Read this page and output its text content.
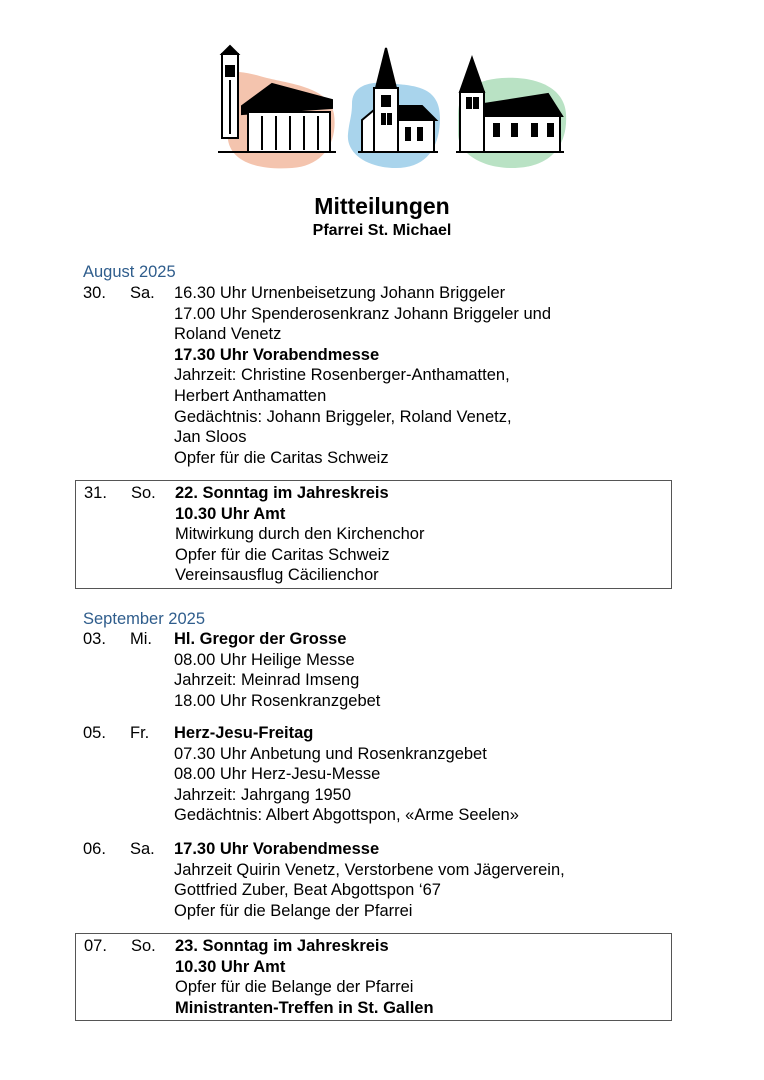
Mitteilungen
Pfarrei St. Michael
August 2025
30.	Sa.	16.30 Uhr Urnenbeisetzung Johann Briggeler
17.00 Uhr Spenderosenkranz Johann Briggeler und
Roland Venetz
17.30 Uhr Vorabendmesse
Jahrzeit: Christine Rosenberger-Anthamatten,
Herbert Anthamatten
Gedächtnis: Johann Briggeler, Roland Venetz,
Jan Sloos
Opfer für die Caritas Schweiz
31.	So.	22. Sonntag im Jahreskreis
10.30 Uhr Amt
Mitwirkung durch den Kirchenchor
Opfer für die Caritas Schweiz
Vereinsausflug Cäcilienchor
September 2025
03.	Mi.	Hl. Gregor der Grosse
08.00 Uhr Heilige Messe
Jahrzeit: Meinrad Imseng
18.00 Uhr Rosenkranzgebet
05.	Fr.	Herz-Jesu-Freitag
07.30 Uhr Anbetung und Rosenkranzgebet
08.00 Uhr Herz-Jesu-Messe
Jahrzeit: Jahrgang 1950
Gedächtnis: Albert Abgottspon, «Arme Seelen»
06.	Sa.	17.30 Uhr Vorabendmesse
Jahrzeit Quirin Venetz, Verstorbene vom Jägerverein,
Gottfried Zuber, Beat Abgottspon ‘67
Opfer für die Belange der Pfarrei
07.	So.	23. Sonntag im Jahreskreis
10.30 Uhr Amt
Opfer für die Belange der Pfarrei
Ministranten-Treffen in St. Gallen
